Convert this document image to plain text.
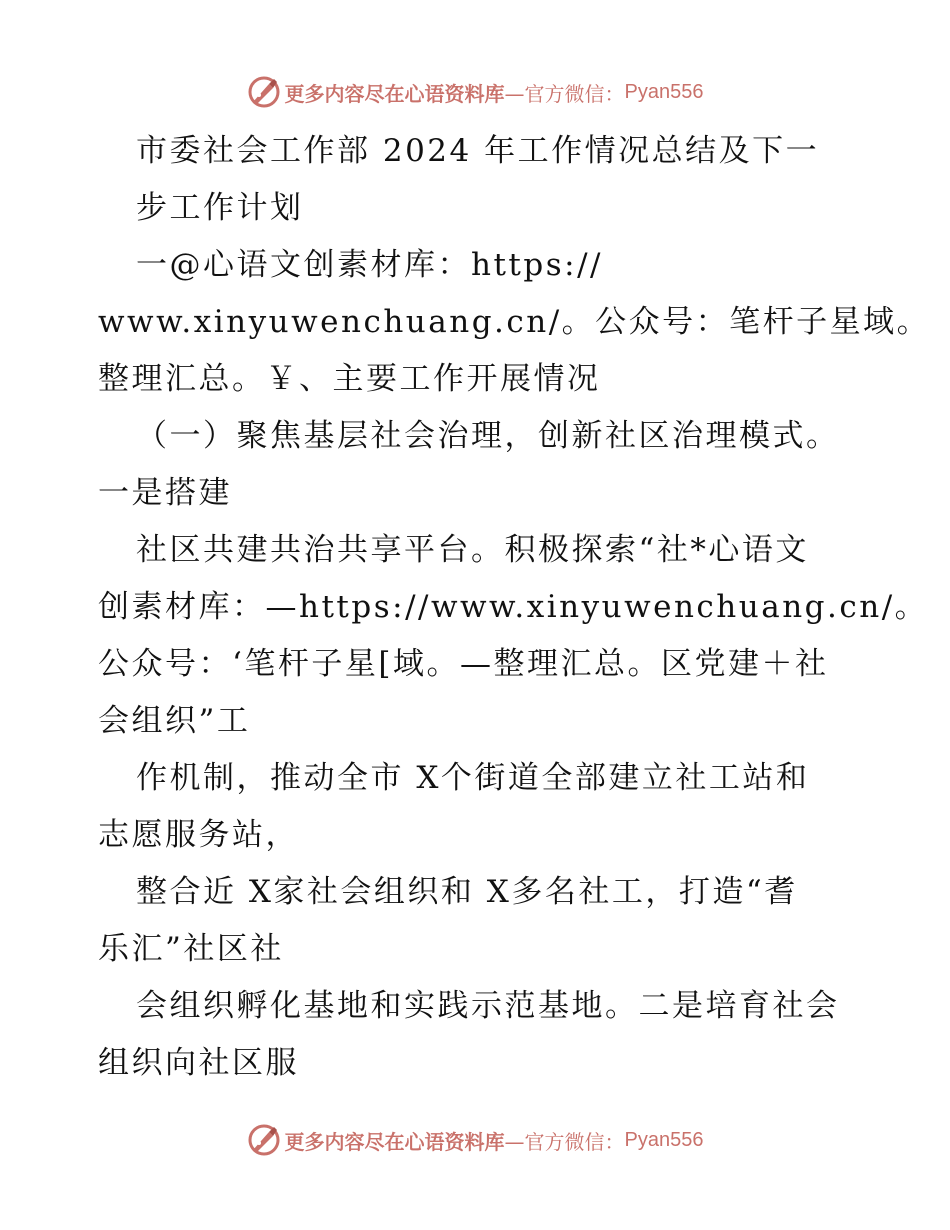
更多内容尽在心语资料库 —官方微信： Pyan556
市委社会工作部 2024 年工作情况总结及下一
步工作计划
一@心语文创素材库：https://
www.xinyuwenchuang.cn/。公众号：笔杆子星域。
整理汇总。￥、主要工作开展情况
（一）聚焦基层社会治理，创新社区治理模式。
一是搭建
社区共建共治共享平台。积极探索“社*心语文
创素材库：—https://www.xinyuwenchuang.cn/。
公众号：‘笔杆子星[域。—整理汇总。区党建＋社
会组织”工
作机制，推动全市 X个街道全部建立社工站和
志愿服务站，
整合近 X家社会组织和 X多名社工，打造“耆
乐汇”社区社
会组织孵化基地和实践示范基地。二是培育社会
组织向社区服
更多内容尽在心语资料库 —官方微信： Pyan556
